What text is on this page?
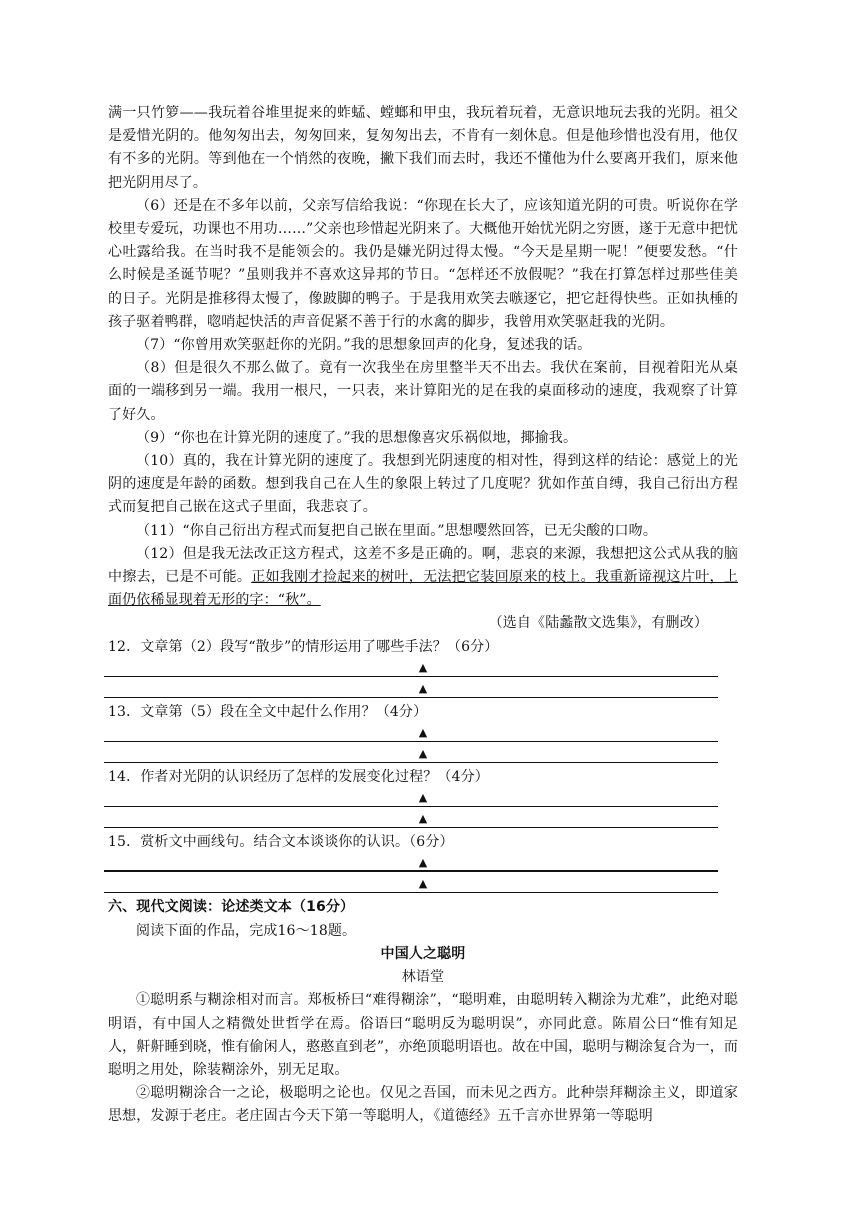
满一只竹箩——我玩着谷堆里捉来的蚱蜢、螳螂和甲虫，我玩着玩着，无意识地玩去我的光阴。祖父是爱惜光阴的。他匆匆出去，匆匆回来，复匆匆出去，不肯有一刻休息。但是他珍惜也没有用，他仅有不多的光阴。等到他在一个悄然的夜晚，撇下我们而去时，我还不懂他为什么要离开我们，原来他把光阴用尽了。

（6）还是在不多年以前，父亲写信给我说：“你现在长大了，应该知道光阴的可贵。听说你在学校里专爱玩，功课也不用功……”父亲也珍惜起光阴来了。大概他开始忧光阴之穷匮，遂于无意中把忧心吐露给我。在当时我不是能领会的。我仍是嫌光阴过得太慢。“今天是星期一呢！”便要发愁。“什么时候是圣诞节呢？”虽则我并不喜欢这异邦的节日。“怎样还不放假呢？”我在打算怎样过那些佳美的日子。光阴是推移得太慢了，像跛脚的鸭子。于是我用欢笑去嗾逐它，把它赶得快些。正如执棰的孩子驱着鸭群，唿哨起快活的声音促紧不善于行的水禽的脚步，我曾用欢笑驱赶我的光阴。

（7）“你曾用欢笑驱赶你的光阴。”我的思想象回声的化身，复述我的话。

（8）但是很久不那么做了。竟有一次我坐在房里整半天不出去。我伏在案前，目视着阳光从桌面的一端移到另一端。我用一根尺，一只表，来计算阳光的足在我的桌面移动的速度，我观察了计算了好久。

（9）“你也在计算光阴的速度了。”我的思想像喜灾乐祸似地，揶揄我。

（10）真的，我在计算光阴的速度了。我想到光阴速度的相对性，得到这样的结论：感觉上的光阴的速度是年龄的函数。想到我自己在人生的象限上转过了几度呢？犹如作茧自缚，我自己衍出方程式而复把自己嵌在这式子里面，我悲哀了。

（11）“你自己衍出方程式而复把自己嵌在里面。”思想嘤然回答，已无尖酸的口吻。

（12）但是我无法改正这方程式，这差不多是正确的。啊，悲哀的来源，我想把这公式从我的脑中擦去，已是不可能。正如我刚才捡起来的树叶，无法把它装回原来的枝上。我重新谛视这片叶，上面仍依稀显现着无形的字：“秋”。

（选自《陆蠡散文选集》，有删改）

12．文章第（2）段写“散步”的情形运用了哪些手法？（6分）

▲
▲

13．文章第（5）段在全文中起什么作用？（4分）

▲
▲

14．作者对光阴的认识经历了怎样的发展变化过程？（4分）

▲
▲

15．赏析文中画线句。结合文本谈谈你的认识。（6分）

▲
▲

六、现代文阅读：论述类文本（16分）

阅读下面的作品，完成16～18题。

中国人之聪明

林语堂

①聪明系与糊涂相对而言。郑板桥曰“难得糊涂”，“聪明难，由聪明转入糊涂为尤难”，此绝对聪明语，有中国人之精微处世哲学在焉。俗语曰“聪明反为聪明误”，亦同此意。陈眉公曰“惟有知足人，鼾鼾睡到晓，惟有偷闲人，憨憨直到老”，亦绝顶聪明语也。故在中国，聪明与糊涂复合为一，而聪明之用处，除装糊涂外，别无足取。

②聪明糊涂合一之论，极聪明之论也。仅见之吾国，而未见之西方。此种崇拜糊涂主义，即道家思想，发源于老庄。老庄固古今天下第一等聪明人，《道德经》五千言亦世界第一等聪明
